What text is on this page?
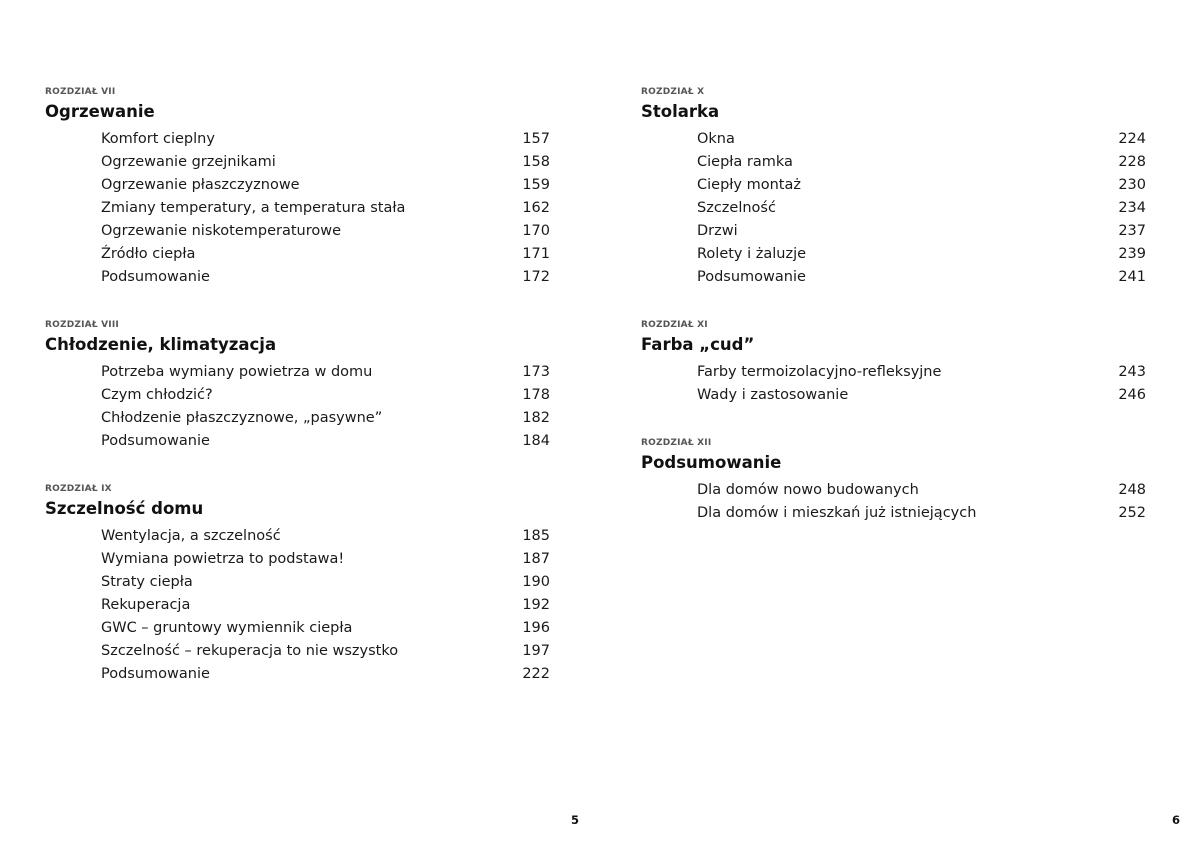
ROZDZIAŁ VII
Ogrzewanie
Komfort cieplny	157
Ogrzewanie grzejnikami	158
Ogrzewanie płaszczyznowe	159
Zmiany temperatury, a temperatura stała	162
Ogrzewanie niskotemperaturowe	170
Źródło ciepła	171
Podsumowanie	172
ROZDZIAŁ VIII
Chłodzenie, klimatyzacja
Potrzeba wymiany powietrza w domu	173
Czym chłodzić?	178
Chłodzenie płaszczyznowe, „pasywne”	182
Podsumowanie	184
ROZDZIAŁ IX
Szczelność domu
Wentylacja, a szczelność	185
Wymiana powietrza to podstawa!	187
Straty ciepła	190
Rekuperacja	192
GWC – gruntowy wymiennik ciepła	196
Szczelność – rekuperacja to nie wszystko	197
Podsumowanie	222
ROZDZIAŁ X
Stolarka
Okna	224
Ciepła ramka	228
Ciepły montaż	230
Szczelność	234
Drzwi	237
Rolety i żaluzje	239
Podsumowanie	241
ROZDZIAŁ XI
Farba „cud”
Farby termoizolacyjno-refleksyjne	243
Wady i zastosowanie	246
ROZDZIAŁ XII
Podsumowanie
Dla domów nowo budowanych	248
Dla domów i mieszkań już istniejących	252
5	6
